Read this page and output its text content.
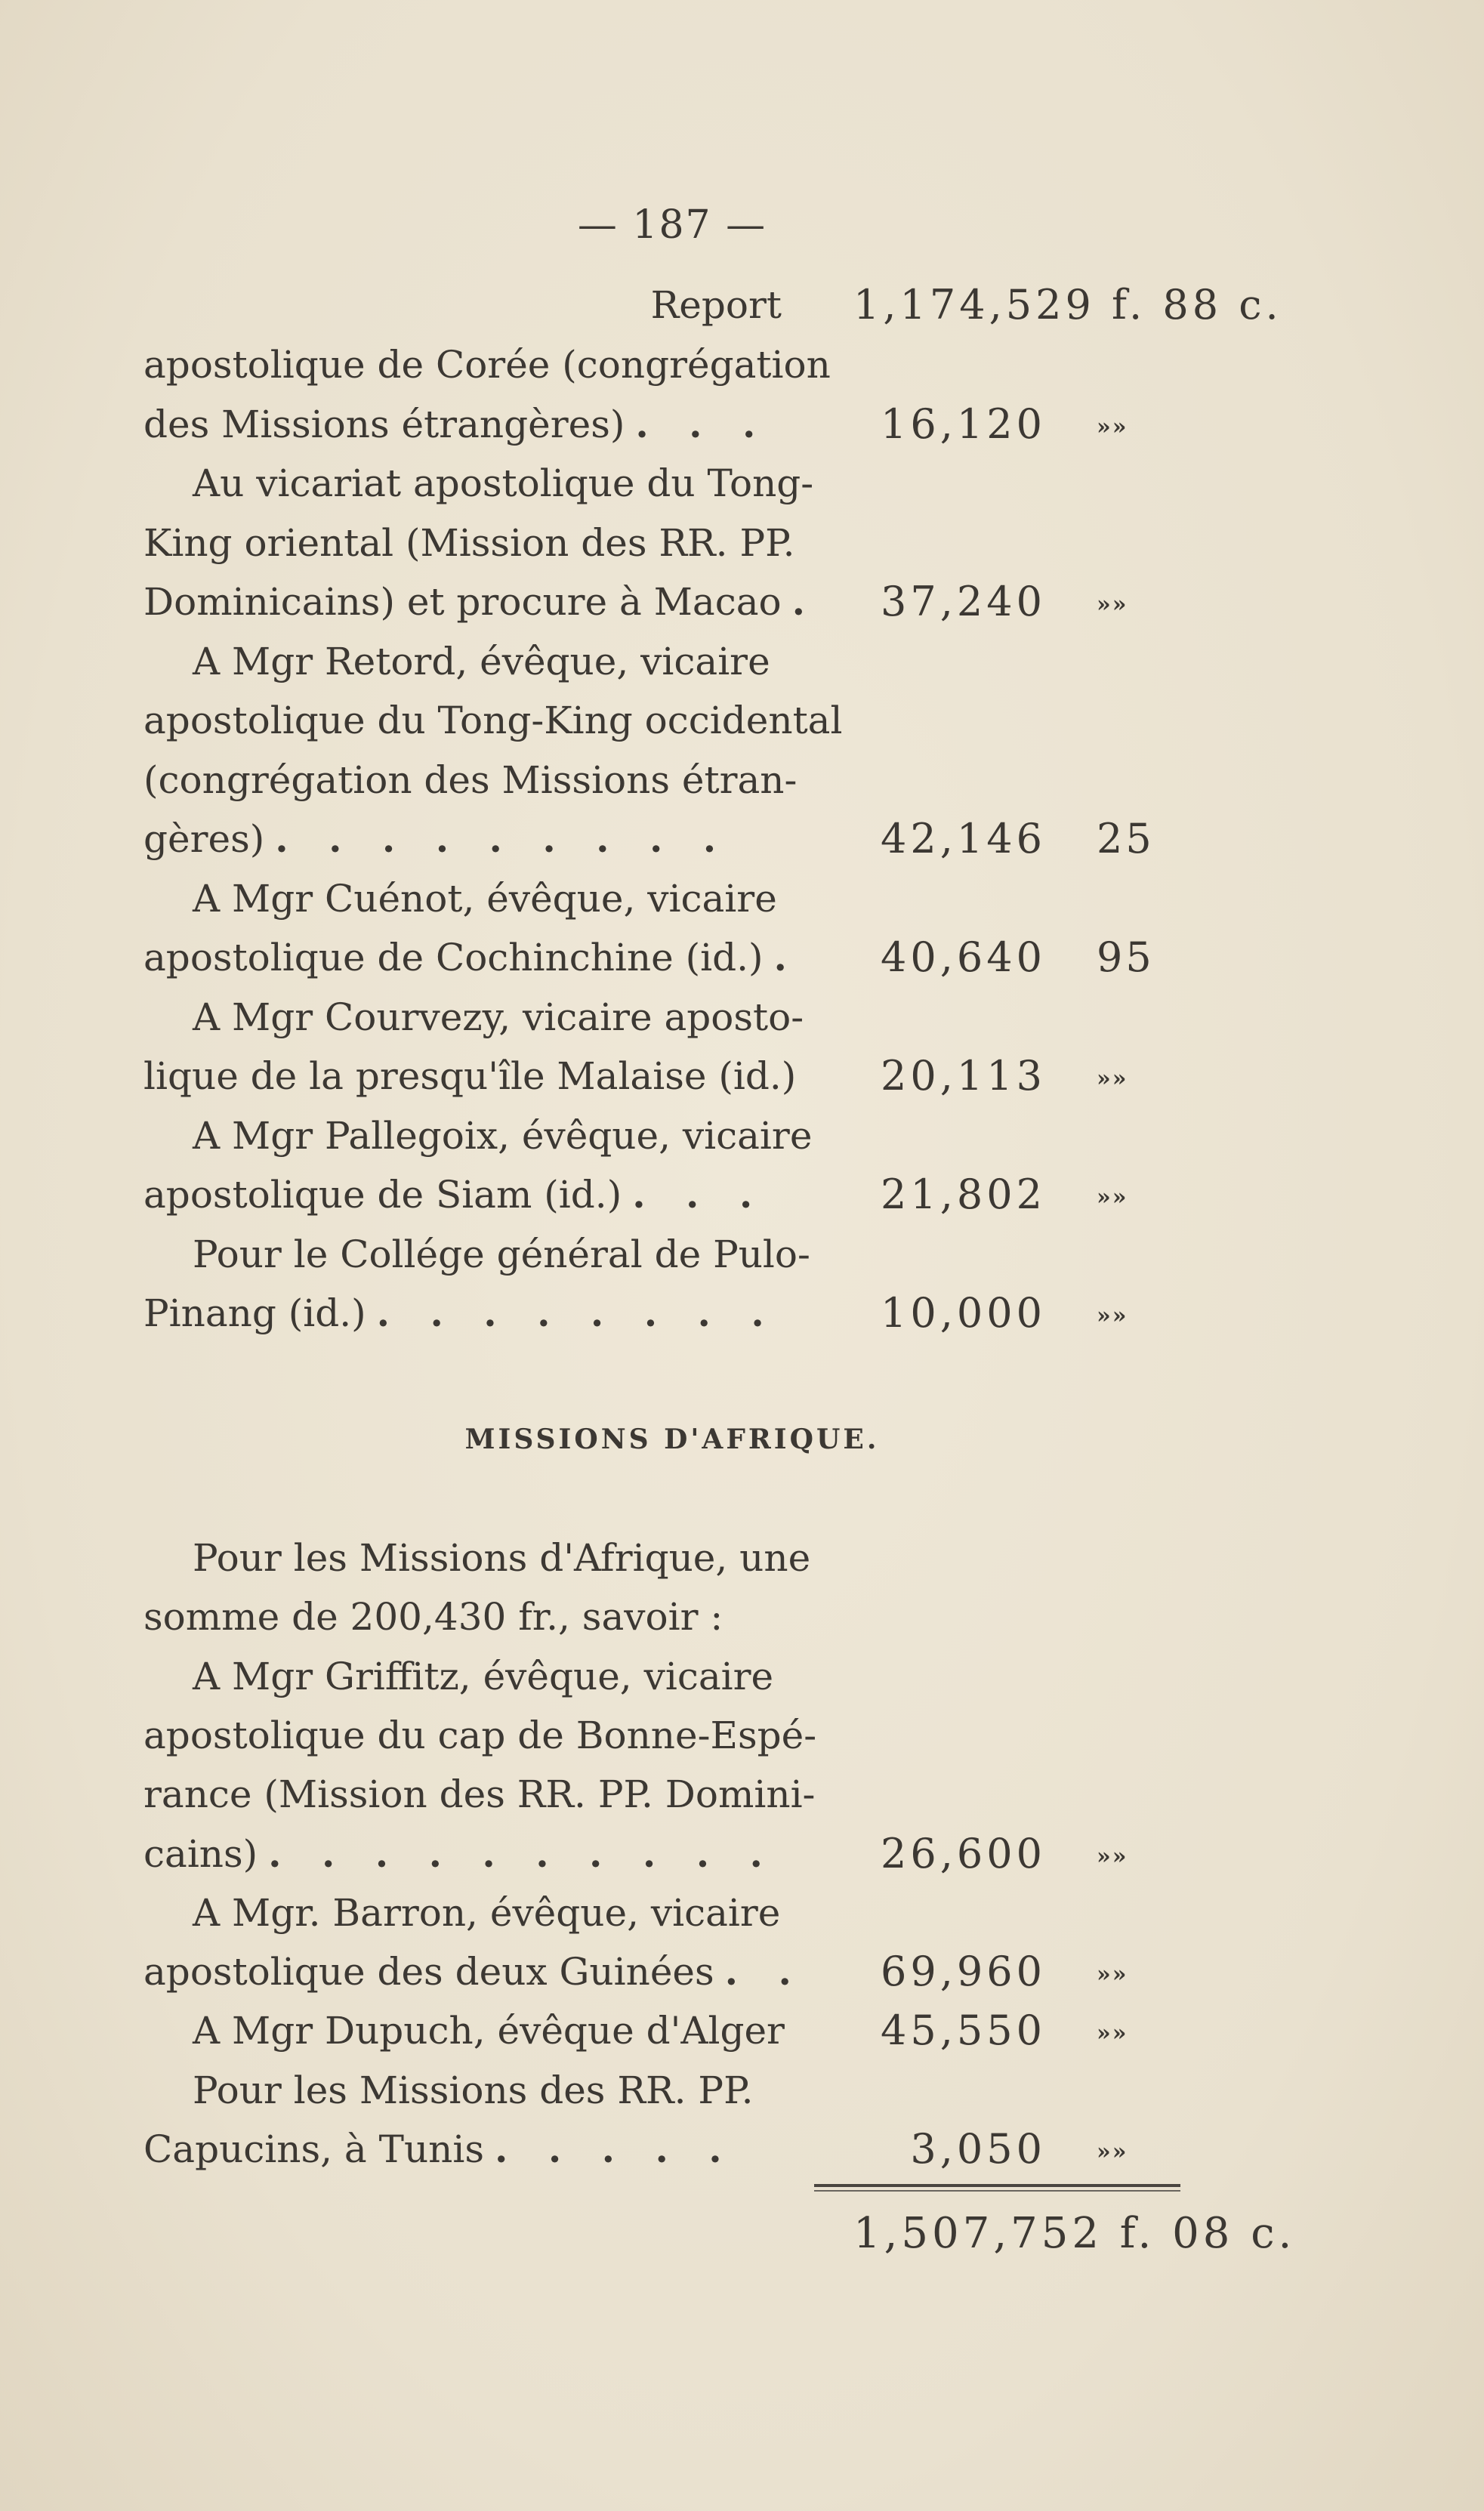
— 187 —
Report 1,174,529 f. 88 c.
apostolique de Corée (congrégation
des Missions étrangères) . . .	16,120 »»
Au vicariat apostolique du Tong-
King oriental (Mission des RR. PP.
Dominicains) et procure à Macao . 37,240 »»
A Mgr Retord, évêque, vicaire
apostolique du Tong-King occidental
(congrégation des Missions étran-
gères) . . . . . . . . .	42,146 25
A Mgr Cuénot, évêque, vicaire
apostolique de Cochinchine (id.) . 40,640 95
A Mgr Courvezy, vicaire aposto-
lique de la presqu'île Malaise (id.) 20,113 »»
A Mgr Pallegoix, évêque, vicaire
apostolique de Siam (id.) . . .	21,802 »»
Pour le Collége général de Pulo-
Pinang (id.) . . . . . . . .	10,000 »»
MISSIONS D'AFRIQUE.
Pour les Missions d'Afrique, une
somme de 200,430 fr., savoir :
A Mgr Griffitz, évêque, vicaire
apostolique du cap de Bonne-Espé-
rance (Mission des RR. PP. Domini-
cains) . . . . . . . . . .	26,600 »»
A Mgr. Barron, évêque, vicaire
apostolique des deux Guinées . . 69,960 »»
A Mgr Dupuch, évêque d'Alger 45,550 »»
Pour les Missions des RR. PP.
Capucins, à Tunis . . . . .	3,050 »»
1,507,752 f. 08 c.
